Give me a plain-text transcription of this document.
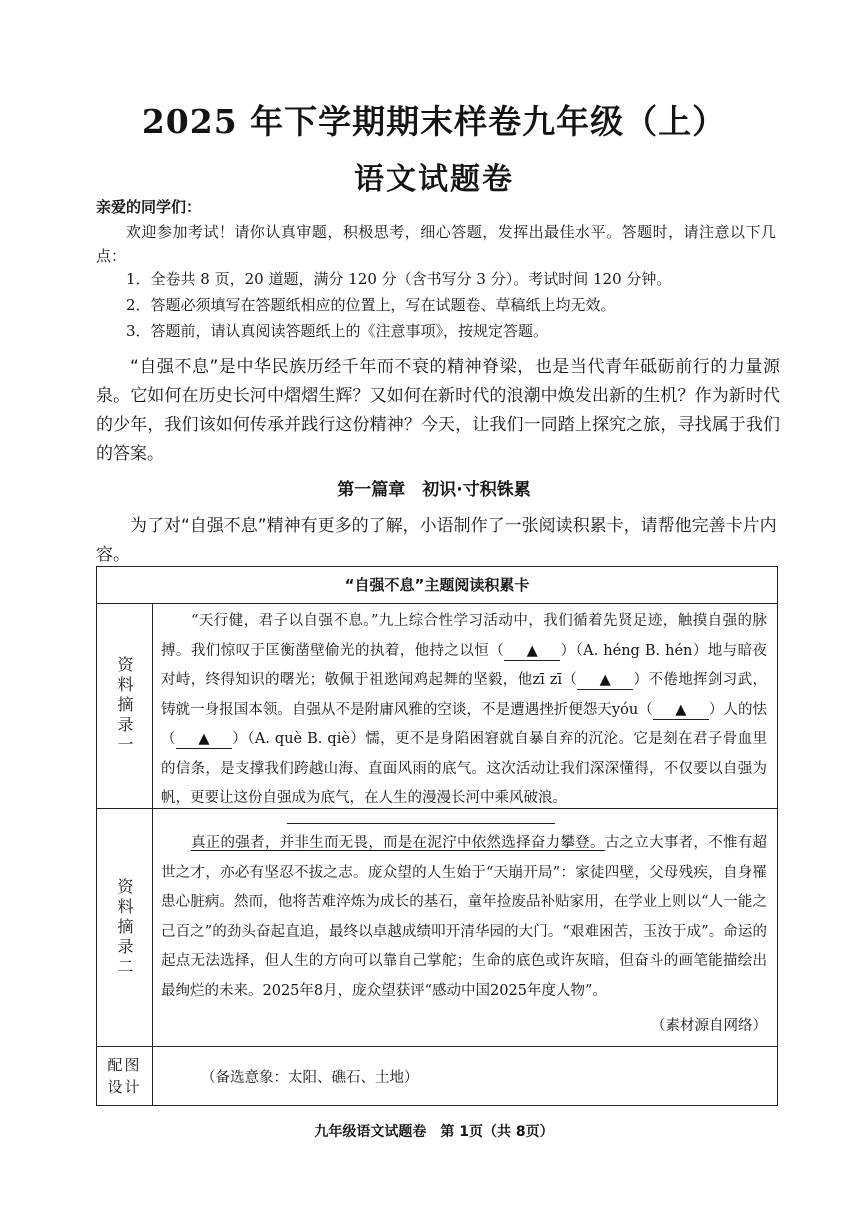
2025 年下学期期末样卷九年级（上）
语文试题卷
亲爱的同学们：
欢迎参加考试！请你认真审题，积极思考，细心答题，发挥出最佳水平。答题时，请注意以下几点：
1．全卷共 8 页，20 道题，满分 120 分（含书写分 3 分）。考试时间 120 分钟。
2．答题必须填写在答题纸相应的位置上，写在试题卷、草稿纸上均无效。
3．答题前，请认真阅读答题纸上的《注意事项》，按规定答题。
“自强不息”是中华民族历经千年而不衰的精神脊梁，也是当代青年砥砺前行的力量源泉。它如何在历史长河中熠熠生辉？又如何在新时代的浪潮中焕发出新的生机？作为新时代的少年，我们该如何传承并践行这份精神？今天，让我们一同踏上探究之旅，寻找属于我们的答案。
第一篇章　初识·寸积铢累
为了对“自强不息”精神有更多的了解，小语制作了一张阅读积累卡，请帮他完善卡片内容。
“自强不息”主题阅读积累卡
资料摘录一

“天行健，君子以自强不息。”九上综合性学习活动中，我们循着先贤足迹，触摸自强的脉搏。我们惊叹于匡衡凿壁偷光的执着，他持之以恒（ ▲ ）（A. héng B. hén）地与暗夜对峙，终得知识的曙光；敬佩于祖逖闻鸡起舞的坚毅，他zī zī（ ▲ ）不倦地挥剑习武，铸就一身报国本领。自强从不是附庸风雅的空谈，不是遭遇挫折便怨天yóu（ ▲ ）人的怯（ ▲ ）（A. què B. qiè）懦，更不是身陷困窘就自暴自弃的沉沦。它是刻在君子骨血里的信条，是支撑我们跨越山海、直面风雨的底气。这次活动让我们深深懂得，不仅要以自强为帆，更要让这份自强成为底气，在人生的漫漫长河中乘风破浪。

资料摘录二

真正的强者，并非生而无畏，而是在泥泞中依然选择奋力攀登。古之立大事者，不惟有超世之才，亦必有坚忍不拔之志。庞众望的人生始于“天崩开局”：家徒四壁，父母残疾，自身罹患心脏病。然而，他将苦难淬炼为成长的基石，童年捡废品补贴家用，在学业上则以“人一能之己百之”的劲头奋起直追，最终以卓越成绩叩开清华园的大门。“艰难困苦，玉汝于成”。命运的起点无法选择，但人生的方向可以靠自己掌舵；生命的底色或许灰暗，但奋斗的画笔能描绘出最绚烂的未来。2025年8月，庞众望获评“感动中国2025年度人物”。

（素材源自网络）

配图设计
（备选意象：太阳、礁石、土地）
九年级语文试题卷　第 1页（共 8页）
